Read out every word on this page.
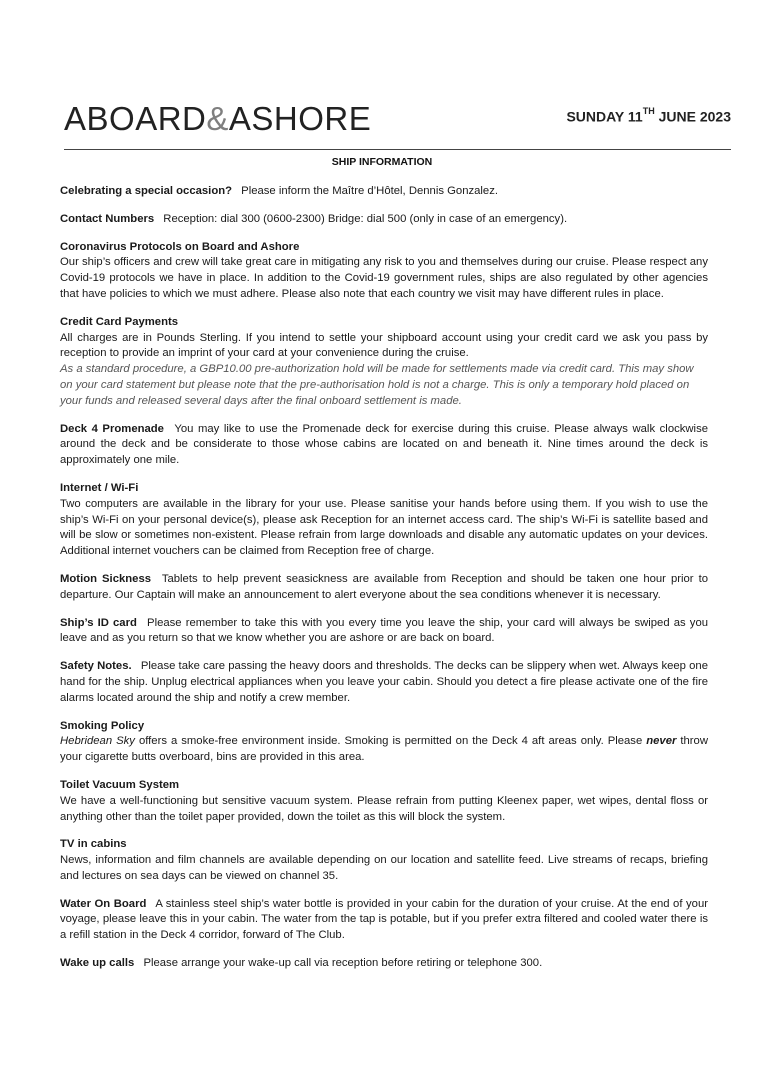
ABOARD&ASHORE	SUNDAY 11TH JUNE 2023
SHIP INFORMATION

Celebrating a special occasion? Please inform the Maître d’Hôtel, Dennis Gonzalez.

Contact Numbers Reception: dial 300 (0600-2300) Bridge: dial 500 (only in case of an emergency).

Coronavirus Protocols on Board and Ashore
Our ship’s officers and crew will take great care in mitigating any risk to you and themselves during our cruise. Please respect any Covid-19 protocols we have in place. In addition to the Covid-19 government rules, ships are also regulated by other agencies that have policies to which we must adhere. Please also note that each country we visit may have different rules in place.

Credit Card Payments
All charges are in Pounds Sterling. If you intend to settle your shipboard account using your credit card we ask you pass by reception to provide an imprint of your card at your convenience during the cruise.
As a standard procedure, a GBP10.00 pre-authorization hold will be made for settlements made via credit card. This may show on your card statement but please note that the pre-authorisation hold is not a charge. This is only a temporary hold placed on your funds and released several days after the final onboard settlement is made.

Deck 4 Promenade You may like to use the Promenade deck for exercise during this cruise. Please always walk clockwise around the deck and be considerate to those whose cabins are located on and beneath it. Nine times around the deck is approximately one mile.

Internet / Wi-Fi
Two computers are available in the library for your use. Please sanitise your hands before using them. If you wish to use the ship’s Wi-Fi on your personal device(s), please ask Reception for an internet access card. The ship’s Wi-Fi is satellite based and will be slow or sometimes non-existent. Please refrain from large downloads and disable any automatic updates on your devices. Additional internet vouchers can be claimed from Reception free of charge.

Motion Sickness Tablets to help prevent seasickness are available from Reception and should be taken one hour prior to departure. Our Captain will make an announcement to alert everyone about the sea conditions whenever it is necessary.

Ship’s ID card Please remember to take this with you every time you leave the ship, your card will always be swiped as you leave and as you return so that we know whether you are ashore or are back on board.

Safety Notes. Please take care passing the heavy doors and thresholds. The decks can be slippery when wet. Always keep one hand for the ship. Unplug electrical appliances when you leave your cabin. Should you detect a fire please activate one of the fire alarms located around the ship and notify a crew member.

Smoking Policy
Hebridean Sky offers a smoke-free environment inside. Smoking is permitted on the Deck 4 aft areas only. Please never throw your cigarette butts overboard, bins are provided in this area.

Toilet Vacuum System
We have a well-functioning but sensitive vacuum system. Please refrain from putting Kleenex paper, wet wipes, dental floss or anything other than the toilet paper provided, down the toilet as this will block the system.

TV in cabins
News, information and film channels are available depending on our location and satellite feed. Live streams of recaps, briefing and lectures on sea days can be viewed on channel 35.

Water On Board A stainless steel ship’s water bottle is provided in your cabin for the duration of your cruise. At the end of your voyage, please leave this in your cabin. The water from the tap is potable, but if you prefer extra filtered and cooled water there is a refill station in the Deck 4 corridor, forward of The Club.

Wake up calls Please arrange your wake-up call via reception before retiring or telephone 300.
